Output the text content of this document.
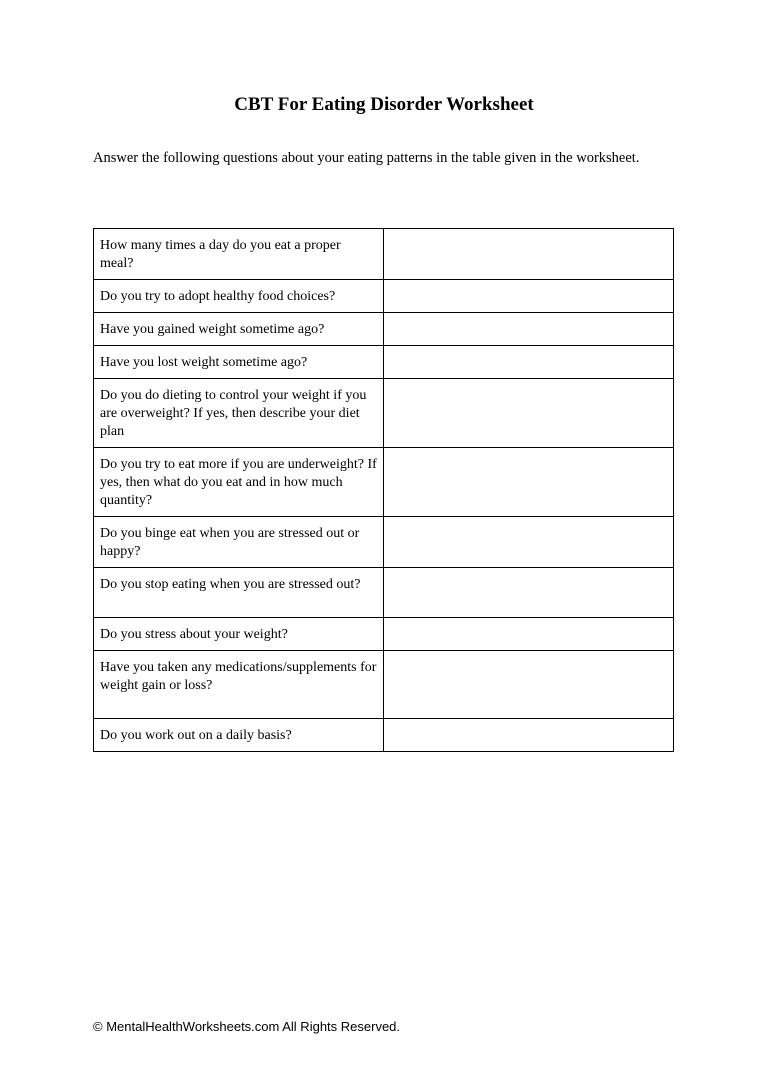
CBT For Eating Disorder Worksheet

Answer the following questions about your eating patterns in the table given in the worksheet.

How many times a day do you eat a proper meal?	
Do you try to adopt healthy food choices?	
Have you gained weight sometime ago?	
Have you lost weight sometime ago?	
Do you do dieting to control your weight if you are overweight? If yes, then describe your diet plan	
Do you try to eat more if you are underweight? If yes, then what do you eat and in how much quantity?	
Do you binge eat when you are stressed out or happy?	
Do you stop eating when you are stressed out?	
Do you stress about your weight?	
Have you taken any medications/supplements for weight gain or loss?	
Do you work out on a daily basis?	

© MentalHealthWorksheets.com All Rights Reserved.
